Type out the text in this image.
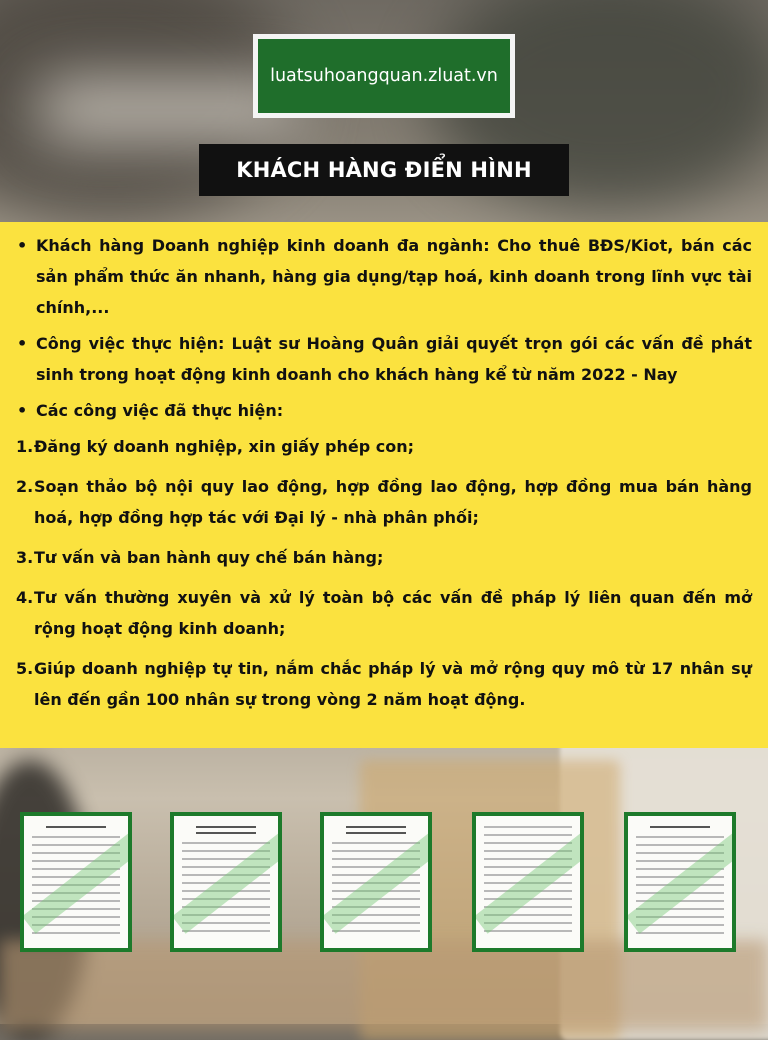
luatsuhoangquan.zluat.vn
KHÁCH HÀNG ĐIỂN HÌNH
• Khách hàng Doanh nghiệp kinh doanh đa ngành: Cho thuê BĐS/Kiot, bán các sản phẩm thức ăn nhanh, hàng gia dụng/tạp hoá, kinh doanh trong lĩnh vực tài chính,...
• Công việc thực hiện: Luật sư Hoàng Quân giải quyết trọn gói các vấn đề phát sinh trong hoạt động kinh doanh cho khách hàng kể từ năm 2022 - Nay
• Các công việc đã thực hiện:
1. Đăng ký doanh nghiệp, xin giấy phép con;
2. Soạn thảo bộ nội quy lao động, hợp đồng lao động, hợp đồng mua bán hàng hoá, hợp đồng hợp tác với Đại lý - nhà phân phối;
3. Tư vấn và ban hành quy chế bán hàng;
4. Tư vấn thường xuyên và xử lý toàn bộ các vấn đề pháp lý liên quan đến mở rộng hoạt động kinh doanh;
5. Giúp doanh nghiệp tự tin, nắm chắc pháp lý và mở rộng quy mô từ 17 nhân sự lên đến gần 100 nhân sự trong vòng 2 năm hoạt động.
